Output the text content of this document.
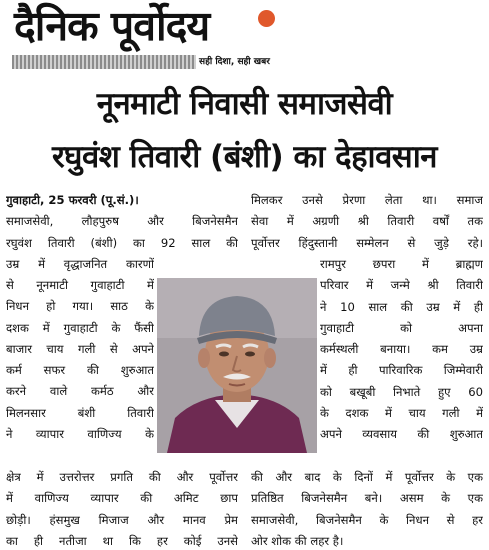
दैनिक पूर्वोदय
सही दिशा, सही खबर
नूनमाटी निवासी समाजसेवी
रघुवंश तिवारी (बंशी) का देहावसान
गुवाहाटी, 25 फरवरी (पू.सं.)।
समाजसेवी, लौहपुरुष और बिजनेसमैन
रघुवंश तिवारी (बंशी) का 92 साल की
उम्र में वृद्धाजनित कारणों
से नूनमाटी गुवाहाटी में
निधन हो गया। साठ के
दशक में गुवाहाटी के फैंसी
बाजार चाय गली से अपने
कर्म सफर की शुरुआत
करने वाले कर्मठ और
मिलनसार बंशी तिवारी
ने व्यापार वाणिज्य के
मिलकर उनसे प्रेरणा लेता था। समाज
सेवा में अग्रणी श्री तिवारी वर्षों तक
पूर्वोत्तर हिंदुस्तानी सम्मेलन से जुड़े रहे।
रामपुर छपरा में ब्राह्मण
परिवार में जन्मे श्री तिवारी
ने 10 साल की उम्र में ही
गुवाहाटी को अपना
कर्मस्थली बनाया। कम उम्र
में ही पारिवारिक जिम्मेवारी
को बखूबी निभाते हुए 60
के दशक में चाय गली में
अपने व्यवसाय की शुरुआत
क्षेत्र में उत्तरोत्तर प्रगति की और पूर्वोत्तर
में वाणिज्य व्यापार की अमिट छाप
छोड़ी। हंसमुख मिजाज और मानव प्रेम
का ही नतीजा था कि हर कोई उनसे
की और बाद के दिनों में पूर्वोत्तर के एक
प्रतिष्ठित बिजनेसमैन बने। असम के एक
समाजसेवी, बिजनेसमैन के निधन से हर
ओर शोक की लहर है।
